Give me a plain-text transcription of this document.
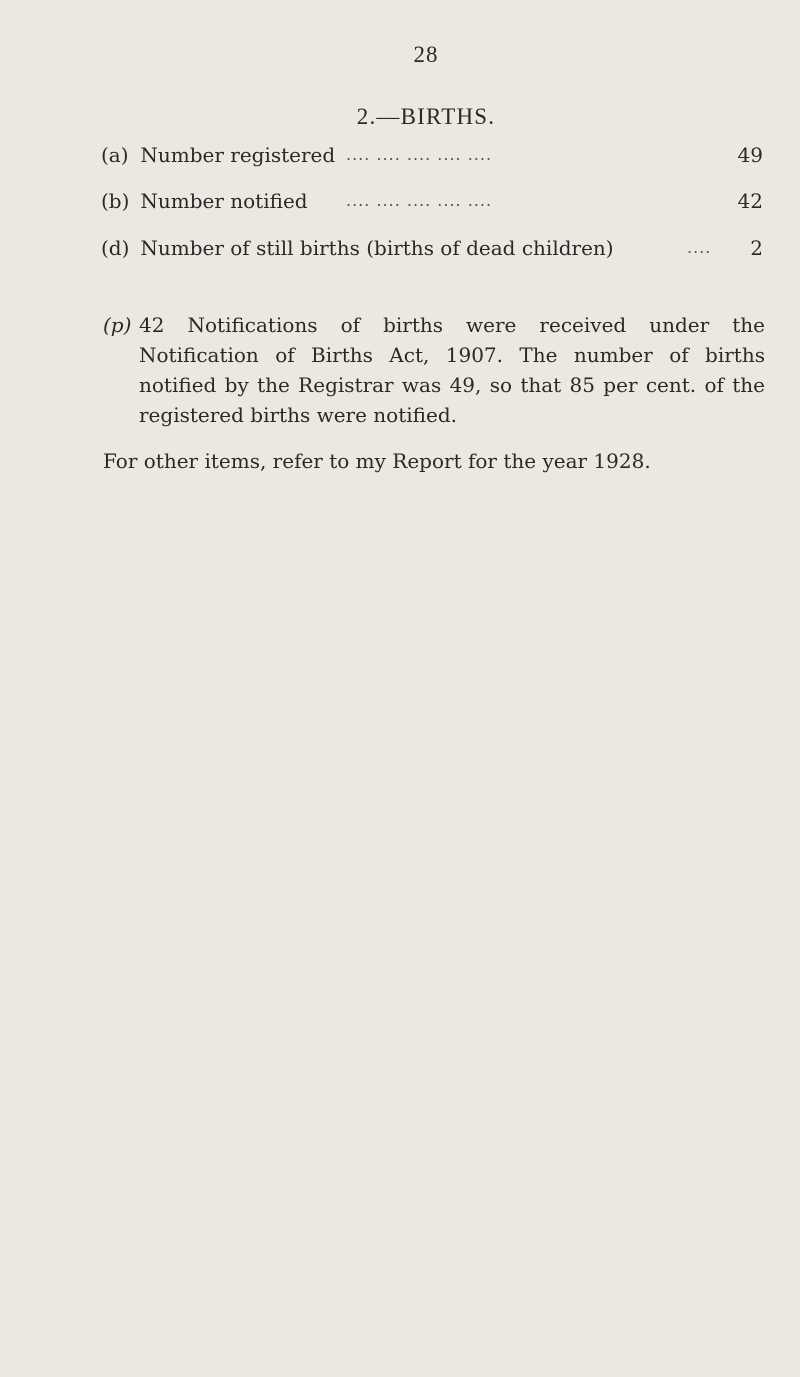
28
2.—BIRTHS.
(a) Number registered .... .... .... .... ....	49
(b) Number notified .... .... .... .... ....	42
(d) Number of still births (births of dead children)	.... 2
(p) 42 Notifications of births were received under the Notification of Births Act, 1907. The number of births notified by the Registrar was 49, so that 85 per cent. of the registered births were notified.
For other items, refer to my Report for the year 1928.
